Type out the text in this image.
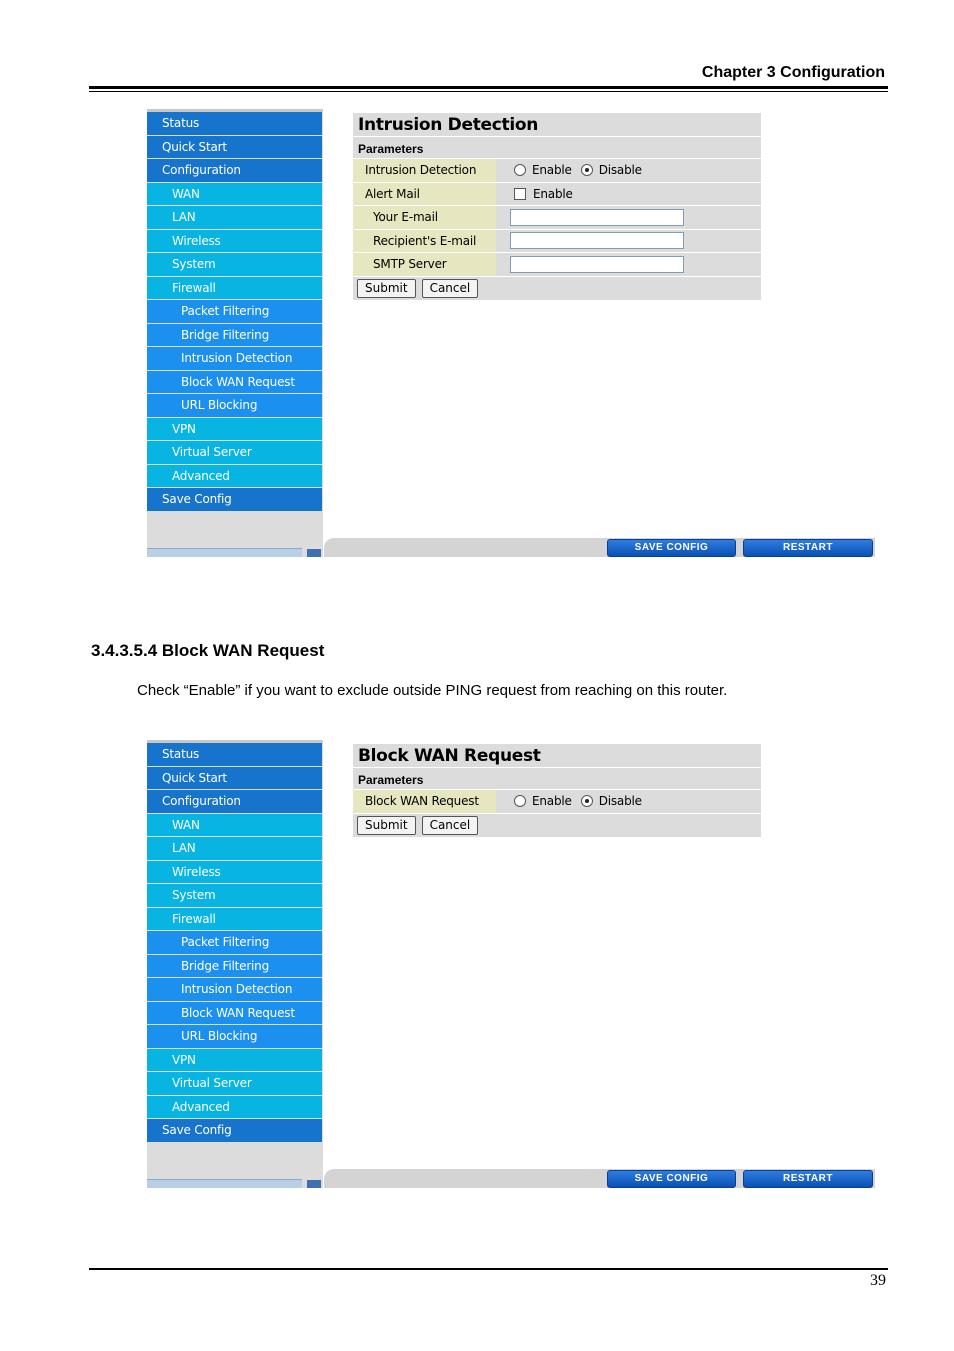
Chapter 3 Configuration
Status
Quick Start
Configuration
WAN
LAN
Wireless
System
Firewall
Packet Filtering
Bridge Filtering
Intrusion Detection
Block WAN Request
URL Blocking
VPN
Virtual Server
Advanced
Save Config
Intrusion Detection
Parameters
Intrusion Detection	Enable Disable
Alert Mail	Enable
Your E-mail
Recipient's E-mail
SMTP Server
Submit	Cancel
SAVE CONFIG	RESTART
3.4.3.5.4 Block WAN Request
Check “Enable” if you want to exclude outside PING request from reaching on this router.
Status
Quick Start
Configuration
WAN
LAN
Wireless
System
Firewall
Packet Filtering
Bridge Filtering
Intrusion Detection
Block WAN Request
URL Blocking
VPN
Virtual Server
Advanced
Save Config
Block WAN Request
Parameters
Block WAN Request	Enable Disable
Submit	Cancel
SAVE CONFIG	RESTART
39
